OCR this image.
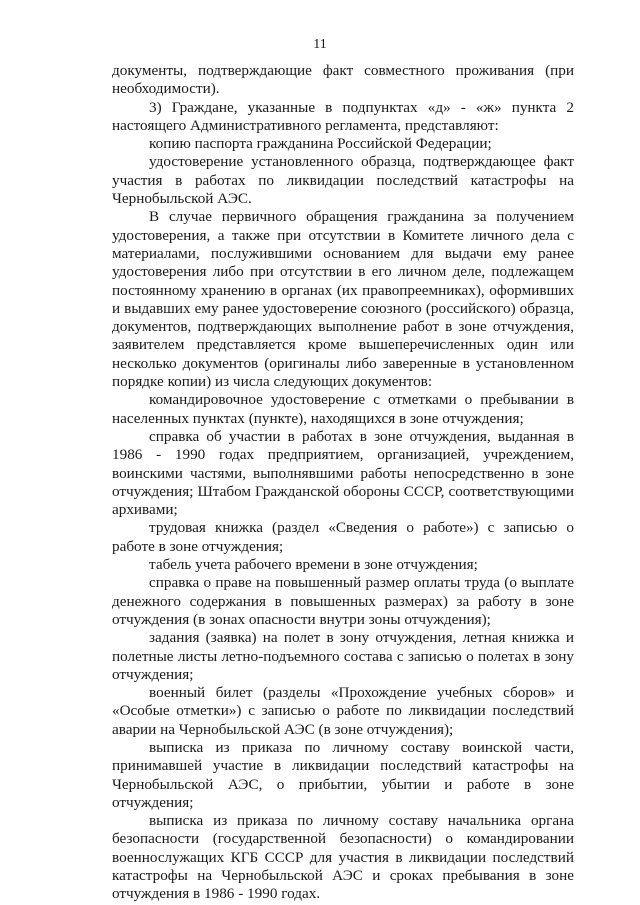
11

документы, подтверждающие факт совместного проживания (при необходимости).

3) Граждане, указанные в подпунктах «д» - «ж» пункта 2 настоящего Административного регламента, представляют:

копию паспорта гражданина Российской Федерации;

удостоверение установленного образца, подтверждающее факт участия в работах по ликвидации последствий катастрофы на Чернобыльской АЭС.

В случае первичного обращения гражданина за получением удостоверения, а также при отсутствии в Комитете личного дела с материалами, послужившими основанием для выдачи ему ранее удостоверения либо при отсутствии в его личном деле, подлежащем постоянному хранению в органах (их правопреемниках), оформивших и выдавших ему ранее удостоверение союзного (российского) образца, документов, подтверждающих выполнение работ в зоне отчуждения, заявителем представляется кроме вышеперечисленных один или несколько документов (оригиналы либо заверенные в установленном порядке копии) из числа следующих документов:

командировочное удостоверение с отметками о пребывании в населенных пунктах (пункте), находящихся в зоне отчуждения;

справка об участии в работах в зоне отчуждения, выданная в 1986 - 1990 годах предприятием, организацией, учреждением, воинскими частями, выполнявшими работы непосредственно в зоне отчуждения; Штабом Гражданской обороны СССР, соответствующими архивами;

трудовая книжка (раздел «Сведения о работе») с записью о работе в зоне отчуждения;

табель учета рабочего времени в зоне отчуждения;

справка о праве на повышенный размер оплаты труда (о выплате денежного содержания в повышенных размерах) за работу в зоне отчуждения (в зонах опасности внутри зоны отчуждения);

задания (заявка) на полет в зону отчуждения, летная книжка и полетные листы летно-подъемного состава с записью о полетах в зону отчуждения;

военный билет (разделы «Прохождение учебных сборов» и «Особые отметки») с записью о работе по ликвидации последствий аварии на Чернобыльской АЭС (в зоне отчуждения);

выписка из приказа по личному составу воинской части, принимавшей участие в ликвидации последствий катастрофы на Чернобыльской АЭС, о прибытии, убытии и работе в зоне отчуждения;

выписка из приказа по личному составу начальника органа безопасности (государственной безопасности) о командировании военнослужащих КГБ СССР для участия в ликвидации последствий катастрофы на Чернобыльской АЭС и сроках пребывания в зоне отчуждения в 1986 - 1990 годах.
